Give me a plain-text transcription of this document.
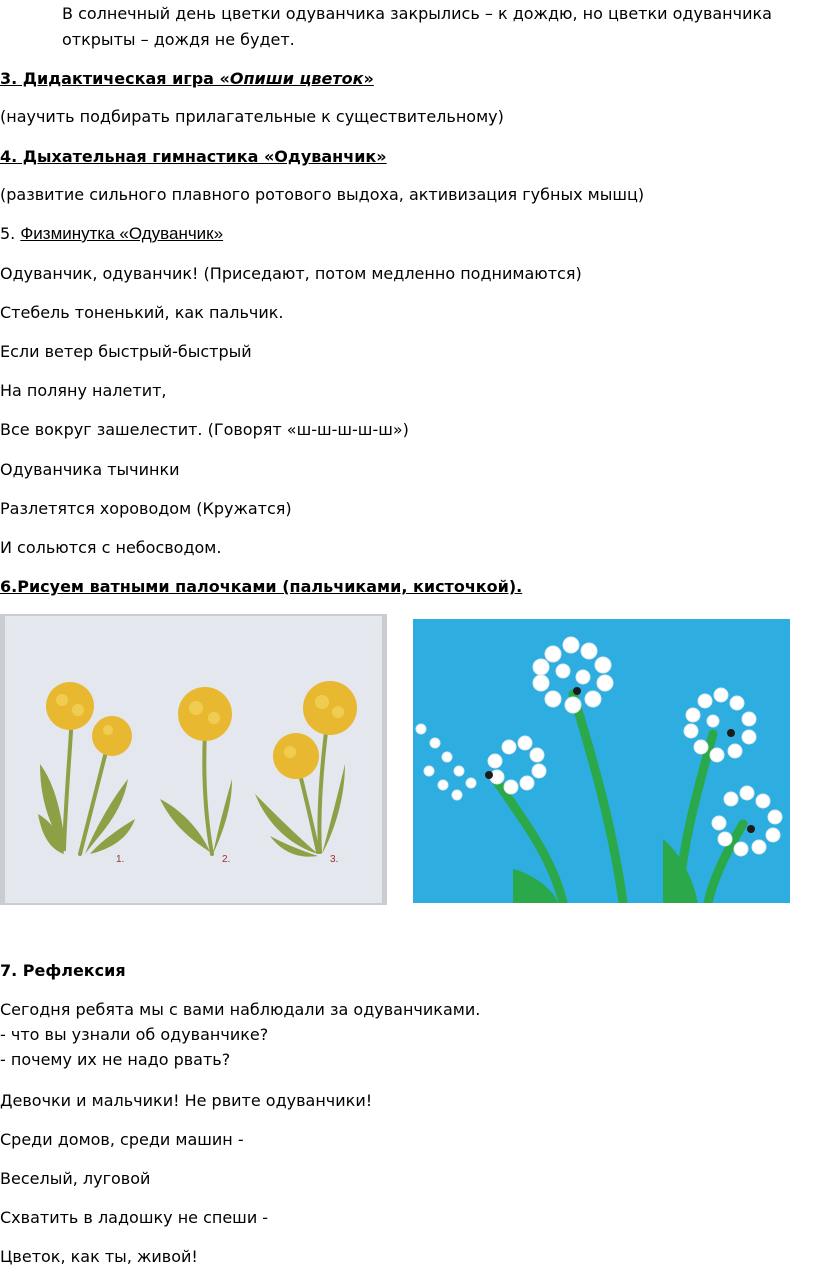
В солнечный день цветки одуванчика закрылись – к дождю, но цветки одуванчика
открыты – дождя не будет.
3. Дидактическая игра «Опиши цветок»
(научить подбирать прилагательные к существительному)
4. Дыхательная гимнастика «Одуванчик»
(развитие сильного плавного ротового выдоха, активизация губных мышц)
5. Физминутка «Одуванчик»
Одуванчик, одуванчик! (Приседают, потом медленно поднимаются)
Стебель тоненький, как пальчик.
Если ветер быстрый-быстрый
На поляну налетит,
Все вокруг зашелестит. (Говорят «ш-ш-ш-ш-ш»)
Одуванчика тычинки
Разлетятся хороводом (Кружатся)
И сольются с небосводом.
6.Рисуем ватными палочками (пальчиками, кисточкой).
1.	2.	3.
7. Рефлексия
Сегодня ребята мы с вами наблюдали за одуванчиками.
- что вы узнали об одуванчике?
- почему их не надо рвать?
Девочки и мальчики! Не рвите одуванчики!
Среди домов, среди машин -
Веселый, луговой
Схватить в ладошку не спеши -
Цветок, как ты, живой!
